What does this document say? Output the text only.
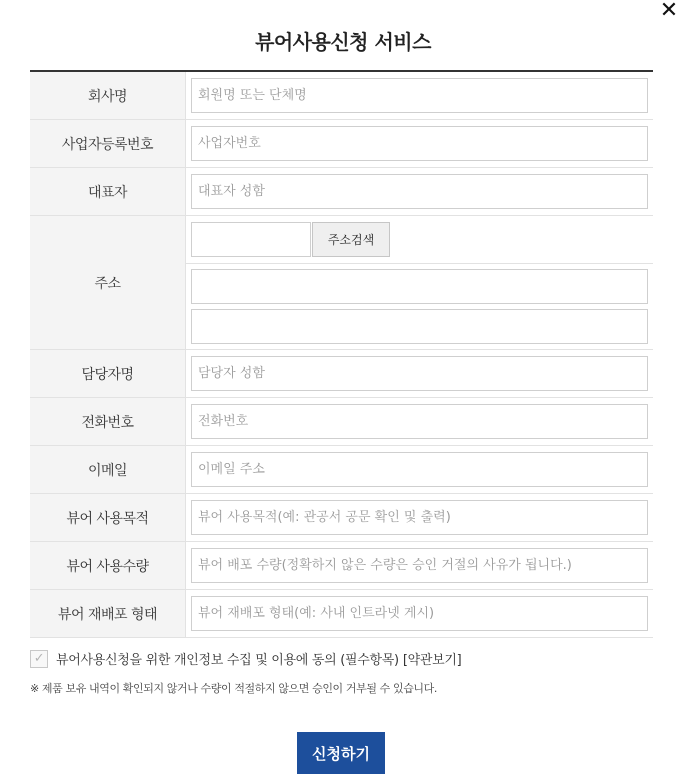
✕
뷰어사용신청 서비스
회사명
회원명 또는 단체명
사업자등록번호
사업자번호
대표자
대표자 성함
주소
주소검색
담당자명
담당자 성함
전화번호
전화번호
이메일
이메일 주소
뷰어 사용목적
뷰어 사용목적(예: 관공서 공문 확인 및 출력)
뷰어 사용수량
뷰어 배포 수량(정확하지 않은 수량은 승인 거절의 사유가 됩니다.)
뷰어 재배포 형태
뷰어 재배포 형태(예: 사내 인트라넷 게시)
✓ 뷰어사용신청을 위한 개인정보 수집 및 이용에 동의 (필수항목) [약관보기]
※ 제품 보유 내역이 확인되지 않거나 수량이 적절하지 않으면 승인이 거부될 수 있습니다.
신청하기
